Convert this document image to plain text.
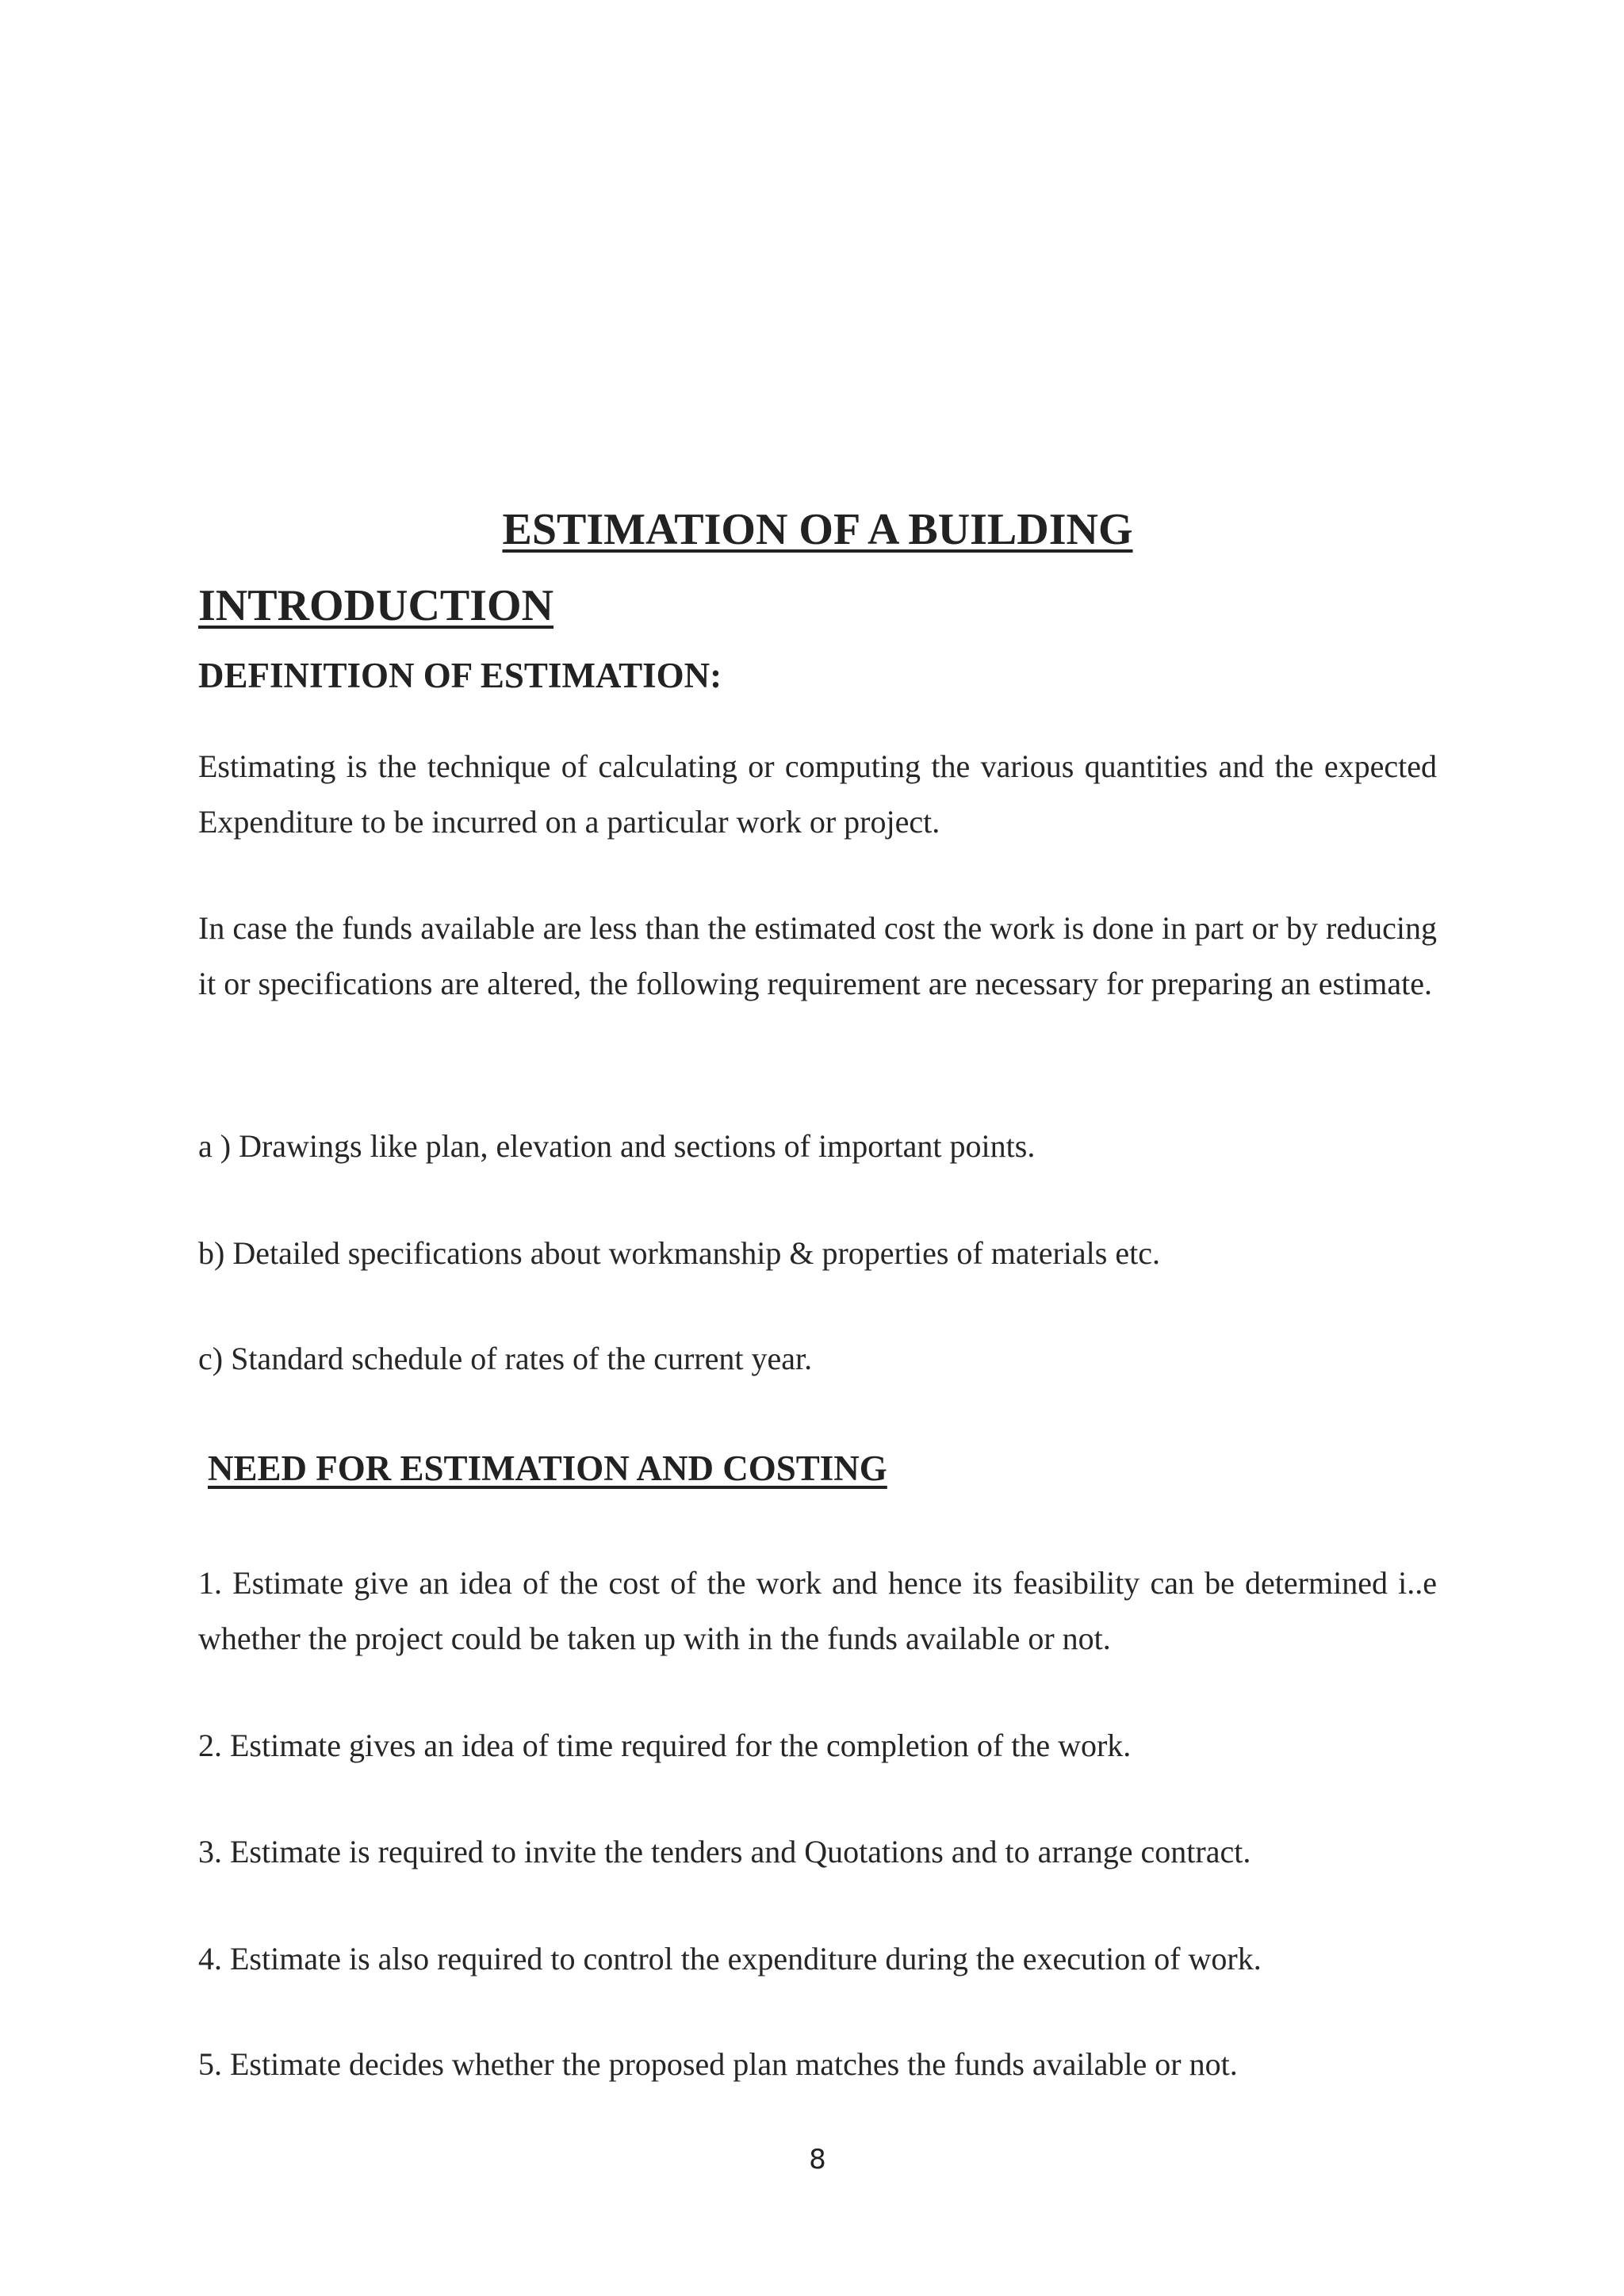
ESTIMATION OF A BUILDING
INTRODUCTION
DEFINITION OF ESTIMATION:
Estimating is the technique of calculating or computing the various quantities and the expected Expenditure to be incurred on a particular work or project.
In case the funds available are less than the estimated cost the work is done in part or by reducing it or specifications are altered, the following requirement are necessary for preparing an estimate.
a ) Drawings like plan, elevation and sections of important points.
b) Detailed specifications about workmanship & properties of materials etc.
c) Standard schedule of rates of the current year.
NEED FOR ESTIMATION AND COSTING
1. Estimate give an idea of the cost of the work and hence its feasibility can be determined i..e whether the project could be taken up with in the funds available or not.
2. Estimate gives an idea of time required for the completion of the work.
3. Estimate is required to invite the tenders and Quotations and to arrange contract.
4. Estimate is also required to control the expenditure during the execution of work.
5. Estimate decides whether the proposed plan matches the funds available or not.
8
